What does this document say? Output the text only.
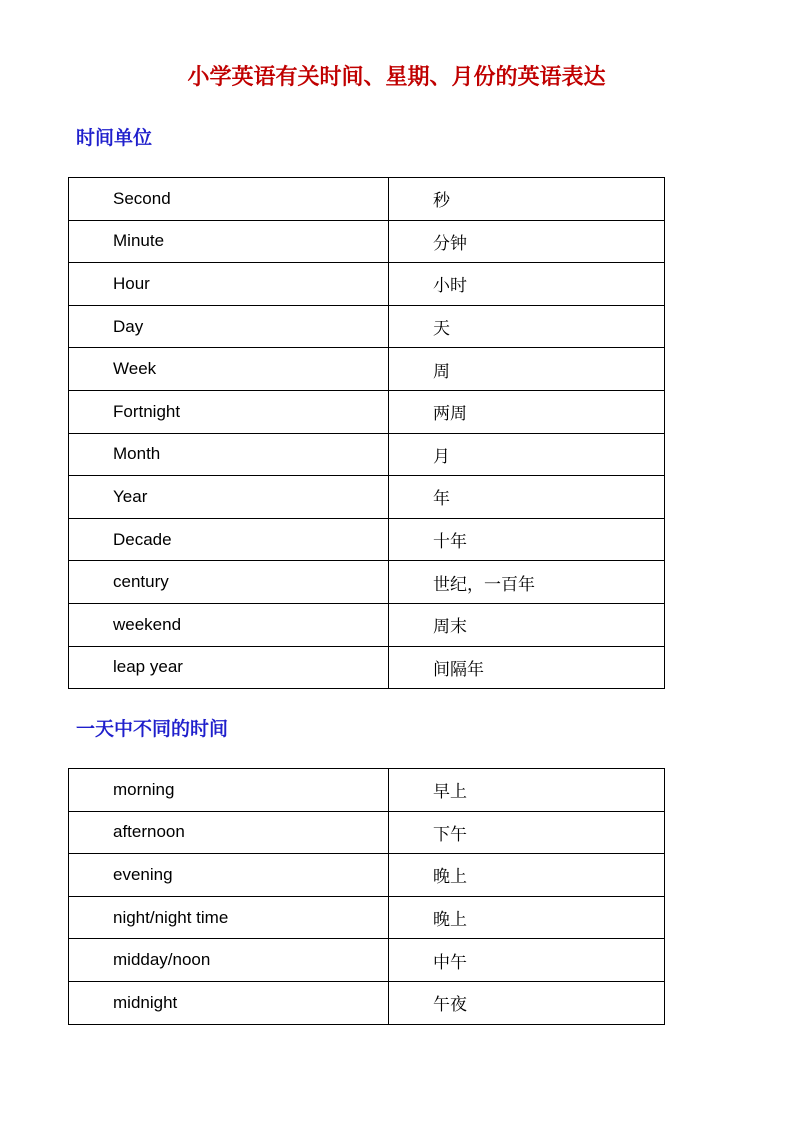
小学英语有关时间、星期、月份的英语表达
时间单位
Second	秒
Minute	分钟
Hour	小时
Day	天
Week	周
Fortnight	两周
Month	月
Year	年
Decade	十年
century	世纪，一百年
weekend	周末
leap year	间隔年
一天中不同的时间
morning	早上
afternoon	下午
evening	晚上
night/night time	晚上
midday/noon	中午
midnight	午夜
